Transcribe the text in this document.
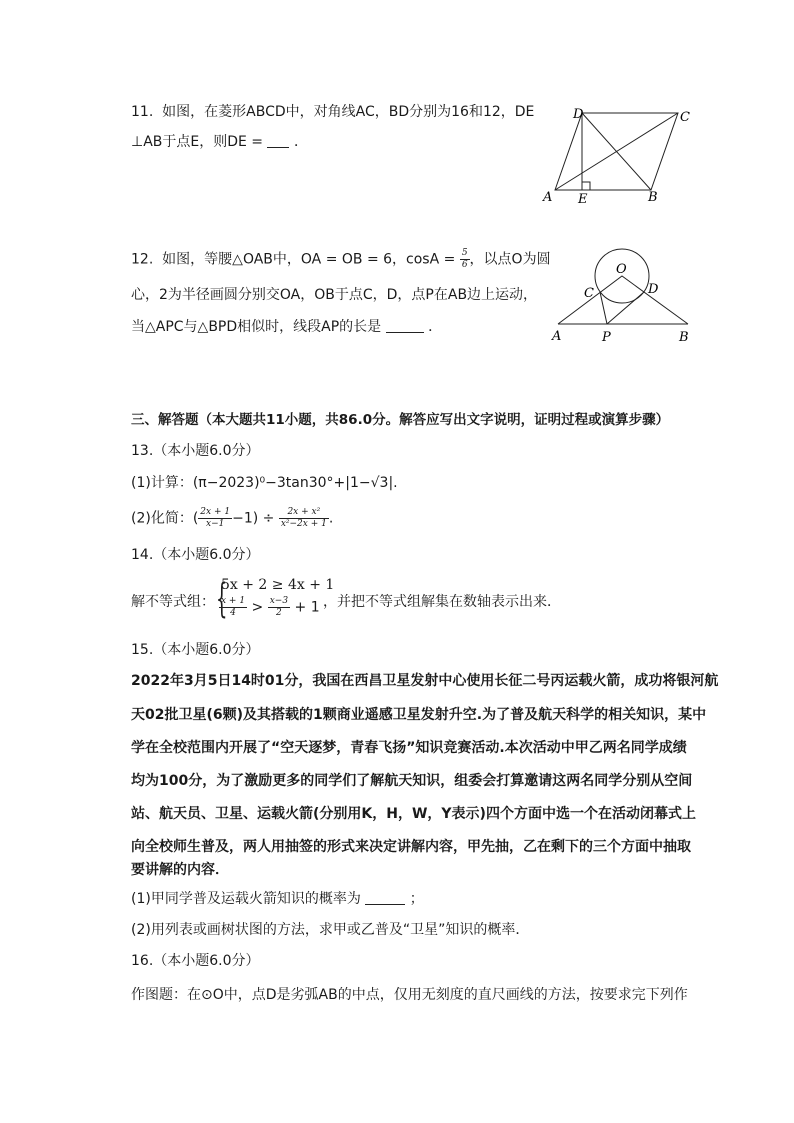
11. 如图，在菱形ABCD中，对角线AC，BD分别为16和12，DE
⊥AB于点E，则DE = ．
A E	B
D	C
12. 如图，等腰△OAB中，OA = OB = 6，$\cos A = \frac{5}{6}$ ，以点O为圆
心，2为半径画圆分别交OA，OB于点C，D，点P在AB边上运动，
当△APC与△BPD相似时，线段AP的长是	．
O
C	D
A	P	B
三、解答题（本大题共11小题，共86.0分。解答应写出文字说明，证明过程或演算步骤）
13.（本小题6.0分）
(1)计算：(π−2023)⁰−3tan30°+|1−√3|.
(2)化简：( $\frac{2x + 1}{x-1} -1) \div \frac{\text{2x + x²}}{\text{x²−2x + 1}}$ .
14.（本小题6.0分）
解不等式组： {
5x + 2 ≥ 4x + 1
$\frac{x + 1}{4} > \frac{x-3}{2} + 1$ ，并把不等式组解集在数轴表示出来．
15.（本小题6.0分）
2022年3月5日14时01分，我国在西昌卫星发射中心使用长征二号丙运载火箭，成功将银河航
天02批卫星(6颗)及其搭载的1颗商业遥感卫星发射升空.为了普及航天科学的相关知识，某中
学在全校范围内开展了“空天逐梦，青春飞扬”知识竞赛活动.本次活动中甲乙两名同学成绩
均为100分，为了激励更多的同学们了解航天知识，组委会打算邀请这两名同学分别从空间
站、航天员、卫星、运载火箭(分别用K，H，W，Y表示)四个方面中选一个在活动闭幕式上
向全校师生普及，两人用抽签的形式来决定讲解内容，甲先抽，乙在剩下的三个方面中抽取
要讲解的内容．
(1)甲同学普及运载火箭知识的概率为	；
(2)用列表或画树状图的方法，求甲或乙普及“卫星”知识的概率．
16.（本小题6.0分）
作图题：在⊙O中，点D是劣弧AB的中点，仅用无刻度的直尺画线的方法，按要求完下列作
